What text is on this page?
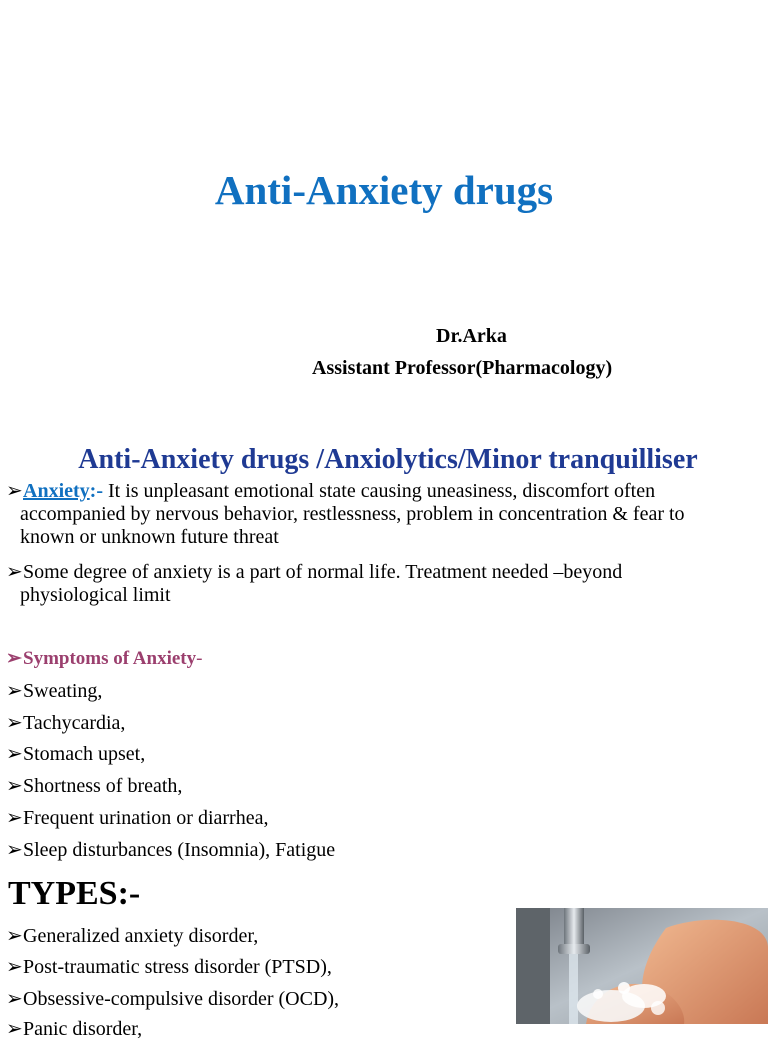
Anti-Anxiety drugs

Dr.Arka

Assistant Professor(Pharmacology)

Anti-Anxiety drugs /Anxiolytics/Minor tranquilliser

➢Anxiety:- It is unpleasant emotional state causing uneasiness, discomfort often
accompanied by nervous behavior, restlessness, problem in concentration & fear to
known or unknown future threat

➢Some degree of anxiety is a part of normal life. Treatment needed –beyond
physiological limit

➢Symptoms of Anxiety-

➢Sweating,

➢Tachycardia,

➢Stomach upset,

➢Shortness of breath,

➢Frequent urination or diarrhea,

➢Sleep disturbances (Insomnia), Fatigue

TYPES:-

➢Generalized anxiety disorder,

➢Post-traumatic stress disorder (PTSD),

➢Obsessive-compulsive disorder (OCD),

➢Panic disorder,
